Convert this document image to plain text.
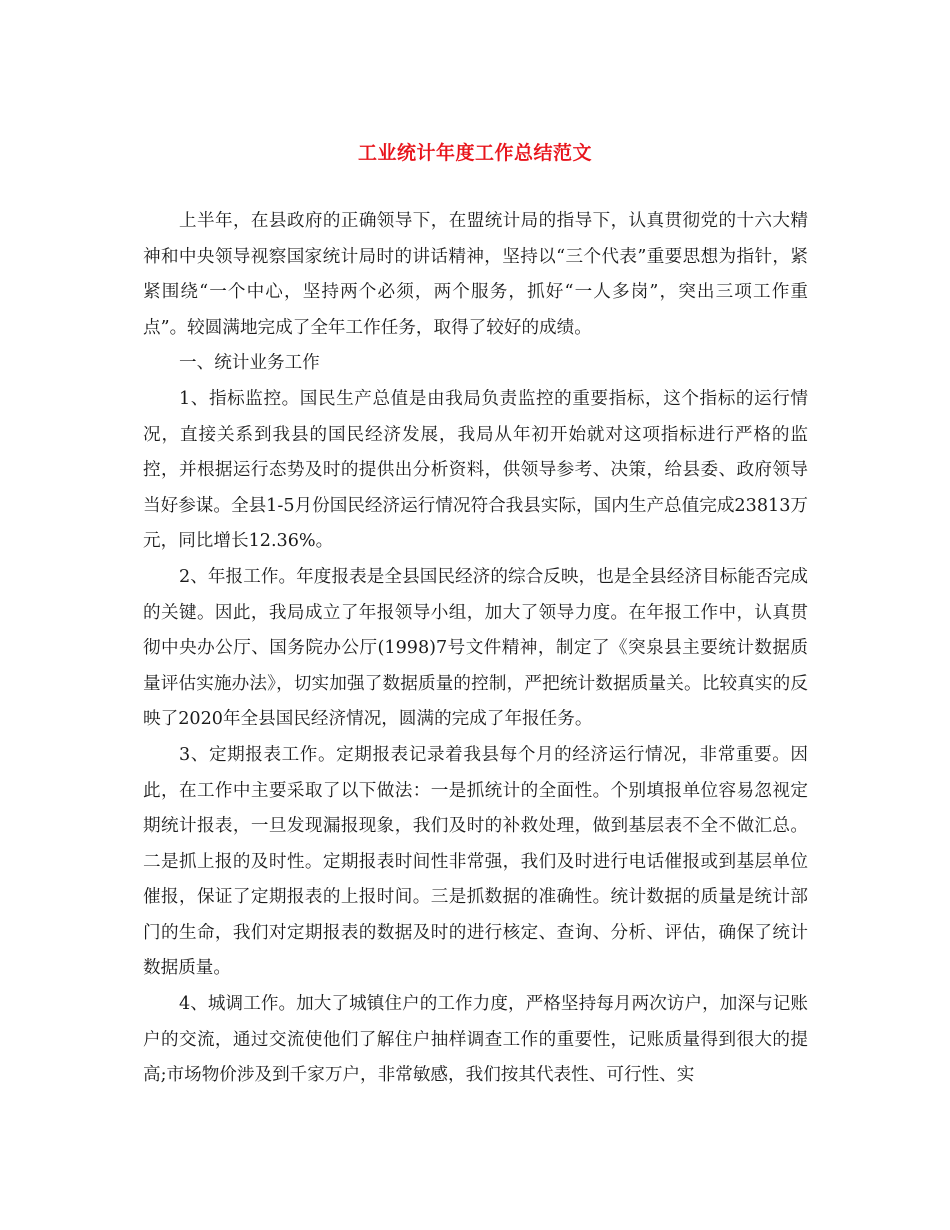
工业统计年度工作总结范文

上半年，在县政府的正确领导下，在盟统计局的指导下，认真贯彻党的十六大精神和中央领导视察国家统计局时的讲话精神，坚持以“三个代表”重要思想为指针，紧紧围绕“一个中心，坚持两个必须，两个服务，抓好“一人多岗”，突出三项工作重点”。较圆满地完成了全年工作任务，取得了较好的成绩。

一、统计业务工作

1、指标监控。国民生产总值是由我局负责监控的重要指标，这个指标的运行情况，直接关系到我县的国民经济发展，我局从年初开始就对这项指标进行严格的监控，并根据运行态势及时的提供出分析资料，供领导参考、决策，给县委、政府领导当好参谋。全县1-5月份国民经济运行情况符合我县实际，国内生产总值完成23813万元，同比增长12.36%。

2、年报工作。年度报表是全县国民经济的综合反映，也是全县经济目标能否完成的关键。因此，我局成立了年报领导小组，加大了领导力度。在年报工作中，认真贯彻中央办公厅、国务院办公厅(1998)7号文件精神，制定了《突泉县主要统计数据质量评估实施办法》，切实加强了数据质量的控制，严把统计数据质量关。比较真实的反映了2020年全县国民经济情况，圆满的完成了年报任务。

3、定期报表工作。定期报表记录着我县每个月的经济运行情况，非常重要。因此，在工作中主要采取了以下做法：一是抓统计的全面性。个别填报单位容易忽视定期统计报表，一旦发现漏报现象，我们及时的补救处理，做到基层表不全不做汇总。二是抓上报的及时性。定期报表时间性非常强，我们及时进行电话催报或到基层单位催报，保证了定期报表的上报时间。三是抓数据的准确性。统计数据的质量是统计部门的生命，我们对定期报表的数据及时的进行核定、查询、分析、评估，确保了统计数据质量。

4、城调工作。加大了城镇住户的工作力度，严格坚持每月两次访户，加深与记账户的交流，通过交流使他们了解住户抽样调查工作的重要性，记账质量得到很大的提高;市场物价涉及到千家万户，非常敏感，我们按其代表性、可行性、实
